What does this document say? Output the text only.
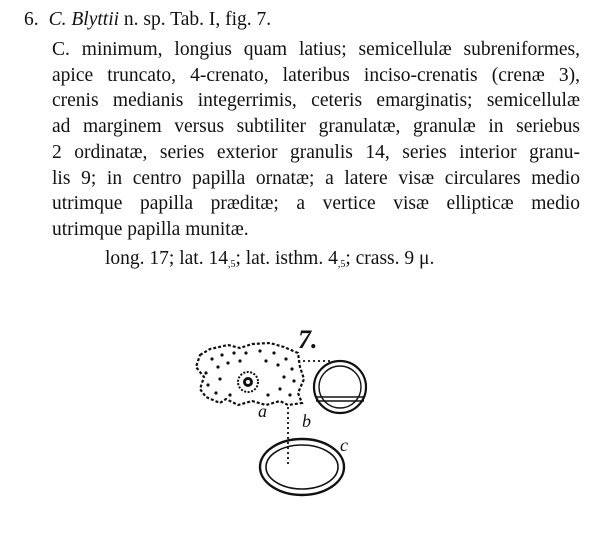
6. C. Blyttii n. sp. Tab. I, fig. 7.
C. minimum, longius quam latius; semicellulæ subreniformes,
apice truncato, 4-crenato, lateribus inciso-crenatis (crenæ 3),
crenis medianis integerrimis, ceteris emarginatis; semicellulæ
ad marginem versus subtiliter granulatæ, granulæ in seriebus
2 ordinatæ, series exterior granulis 14, series interior granu-
lis 9; in centro papilla ornatæ; a latere visæ circulares medio
utrimque papilla præditæ; a vertice visæ ellipticæ medio
utrimque papilla munitæ.
long. 17; lat. $14_{,5}$; lat. isthm. $4_{,5}$; crass. 9 μ.
7.
a b
c
